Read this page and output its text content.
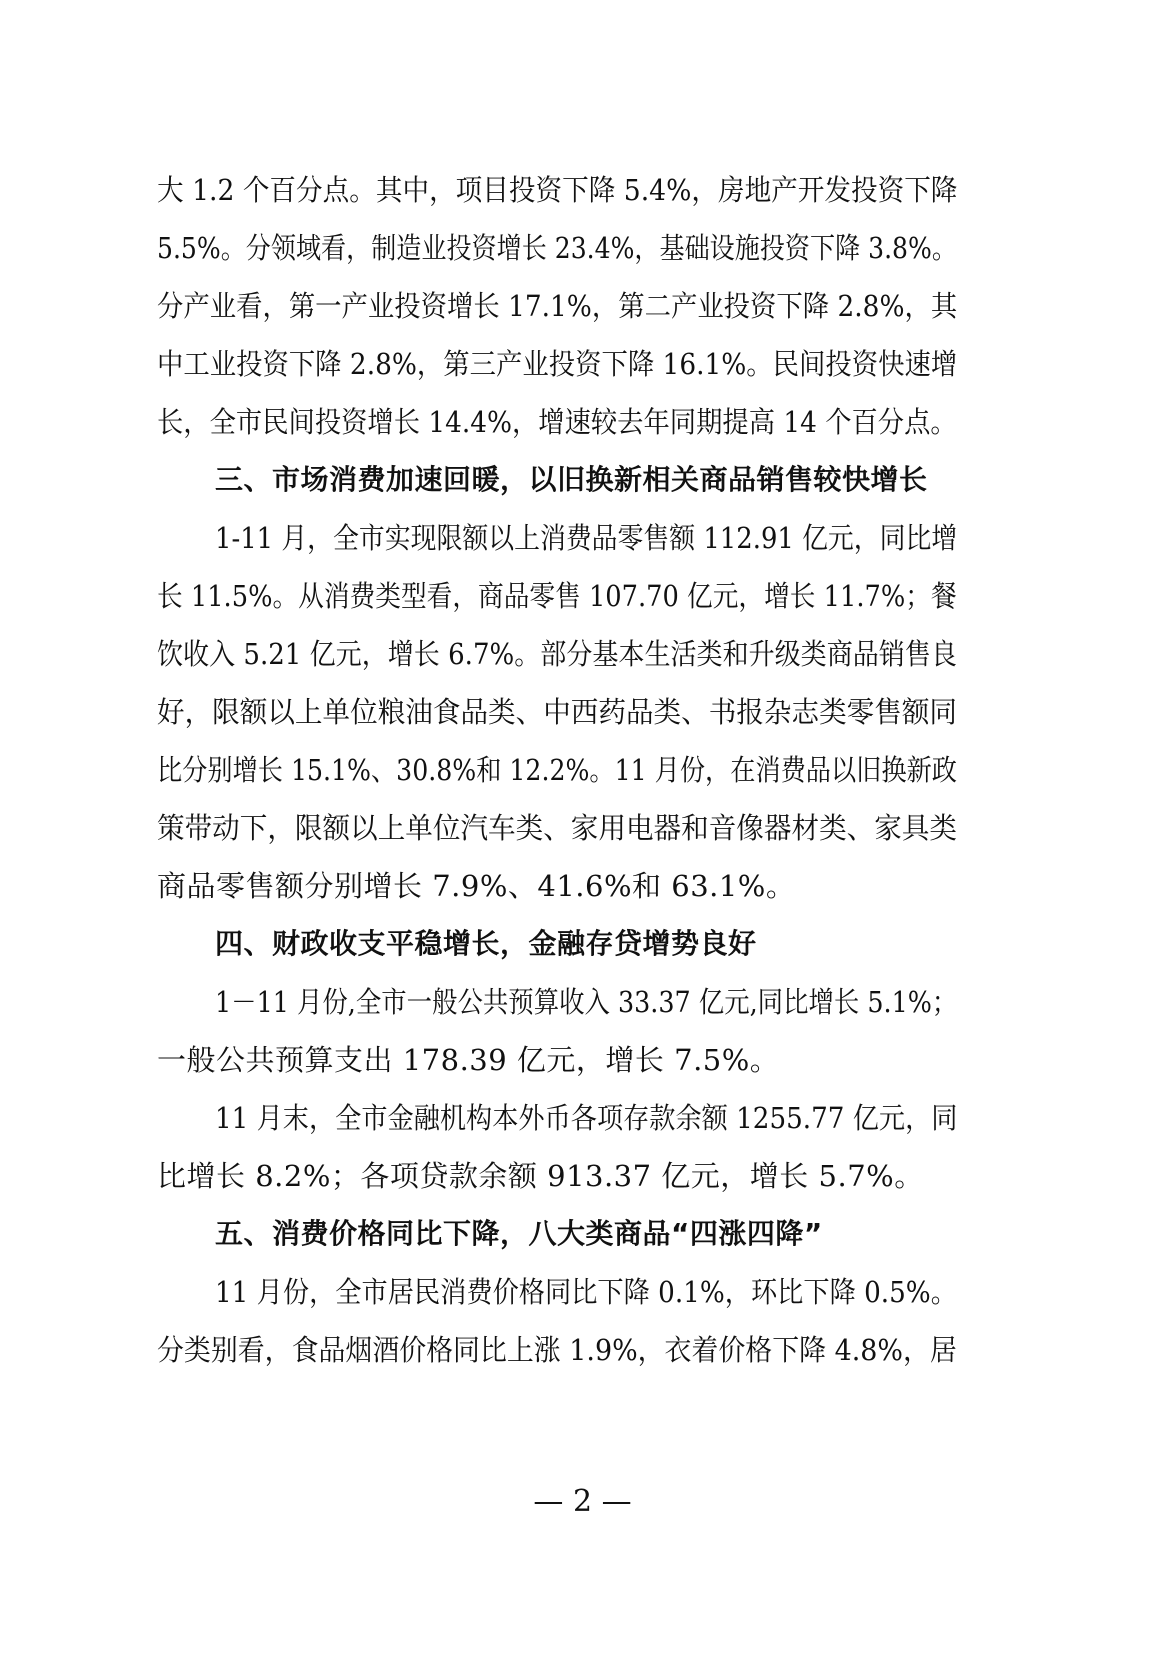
大 1.2 个百分点。其中，项目投资下降 5.4%，房地产开发投资下降
5.5%。分领域看，制造业投资增长 23.4%，基础设施投资下降 3.8%。
分产业看，第一产业投资增长 17.1%，第二产业投资下降 2.8%，其
中工业投资下降 2.8%，第三产业投资下降 16.1%。民间投资快速增
长，全市民间投资增长 14.4%，增速较去年同期提高 14 个百分点。
三、市场消费加速回暖，以旧换新相关商品销售较快增长
1-11 月，全市实现限额以上消费品零售额 112.91 亿元，同比增
长 11.5%。从消费类型看，商品零售 107.70 亿元，增长 11.7%；餐
饮收入 5.21 亿元，增长 6.7%。部分基本生活类和升级类商品销售良
好，限额以上单位粮油食品类、中西药品类、书报杂志类零售额同
比分别增长 15.1%、30.8%和 12.2%。11 月份，在消费品以旧换新政
策带动下，限额以上单位汽车类、家用电器和音像器材类、家具类
商品零售额分别增长 7.9%、41.6%和 63.1%。
四、财政收支平稳增长，金融存贷增势良好
1－11 月份,全市一般公共预算收入 33.37 亿元,同比增长 5.1%；
一般公共预算支出 178.39 亿元，增长 7.5%。
11 月末，全市金融机构本外币各项存款余额 1255.77 亿元，同
比增长 8.2%；各项贷款余额 913.37 亿元，增长 5.7%。
五、消费价格同比下降，八大类商品“四涨四降”
11 月份，全市居民消费价格同比下降 0.1%，环比下降 0.5%。
分类别看，食品烟酒价格同比上涨 1.9%，衣着价格下降 4.8%，居
— 2 —
